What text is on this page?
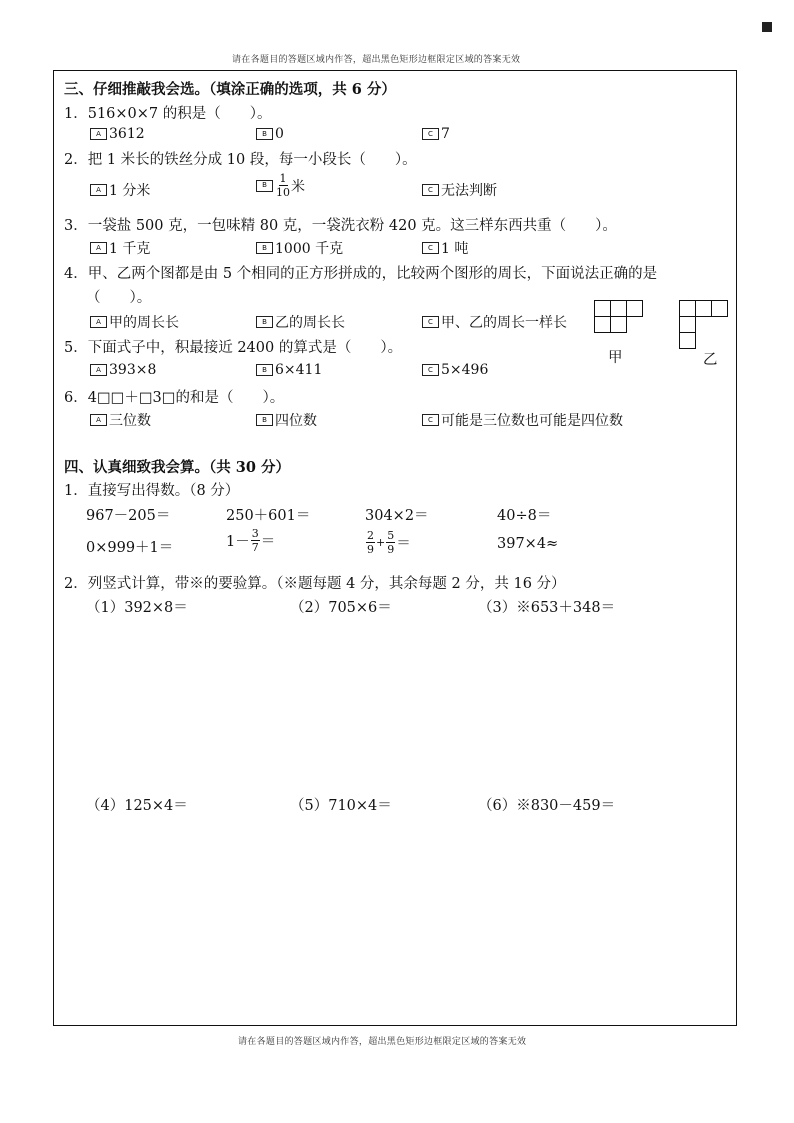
请在各题目的答题区域内作答，超出黑色矩形边框限定区域的答案无效
三、仔细推敲我会选。（填涂正确的选项，共 6 分）
1．516×0×7 的积是（　　）。
A 3612	B 0	C 7
2．把 1 米长的铁丝分成 10 段，每一小段长（　　）。
A 1 分米	B $\frac{1}{10}$ 米	C 无法判断
3．一袋盐 500 克，一包味精 80 克，一袋洗衣粉 420 克。这三样东西共重（　　）。
A 1 千克	B 1000 千克	C 1 吨
4．甲、乙两个图都是由 5 个相同的正方形拼成的，比较两个图形的周长，下面说法正确的是
（　　）。
A 甲的周长长	B 乙的周长长	C 甲、乙的周长一样长
甲	乙
5．下面式子中，积最接近 2400 的算式是（　　）。
A 393×8	B 6×411	C 5×496
6．4□□＋□3□的和是（　　）。
A 三位数	B 四位数	C 可能是三位数也可能是四位数
四、认真细致我会算。（共 30 分）
1．直接写出得数。（8 分）
967－205＝	250＋601＝	304×2＝	40÷8＝
0×999＋1＝	$1- \frac{3}{7}$ ＝	$\frac{2}{9} + \frac{5}{9}$ ＝	397×4≈
2．列竖式计算，带※的要验算。（※题每题 4 分，其余每题 2 分，共 16 分）
（1）392×8＝	（2）705×6＝	（3）※653＋348＝
（4）125×4＝	（5）710×4＝	（6）※830－459＝
请在各题目的答题区域内作答，超出黑色矩形边框限定区域的答案无效
